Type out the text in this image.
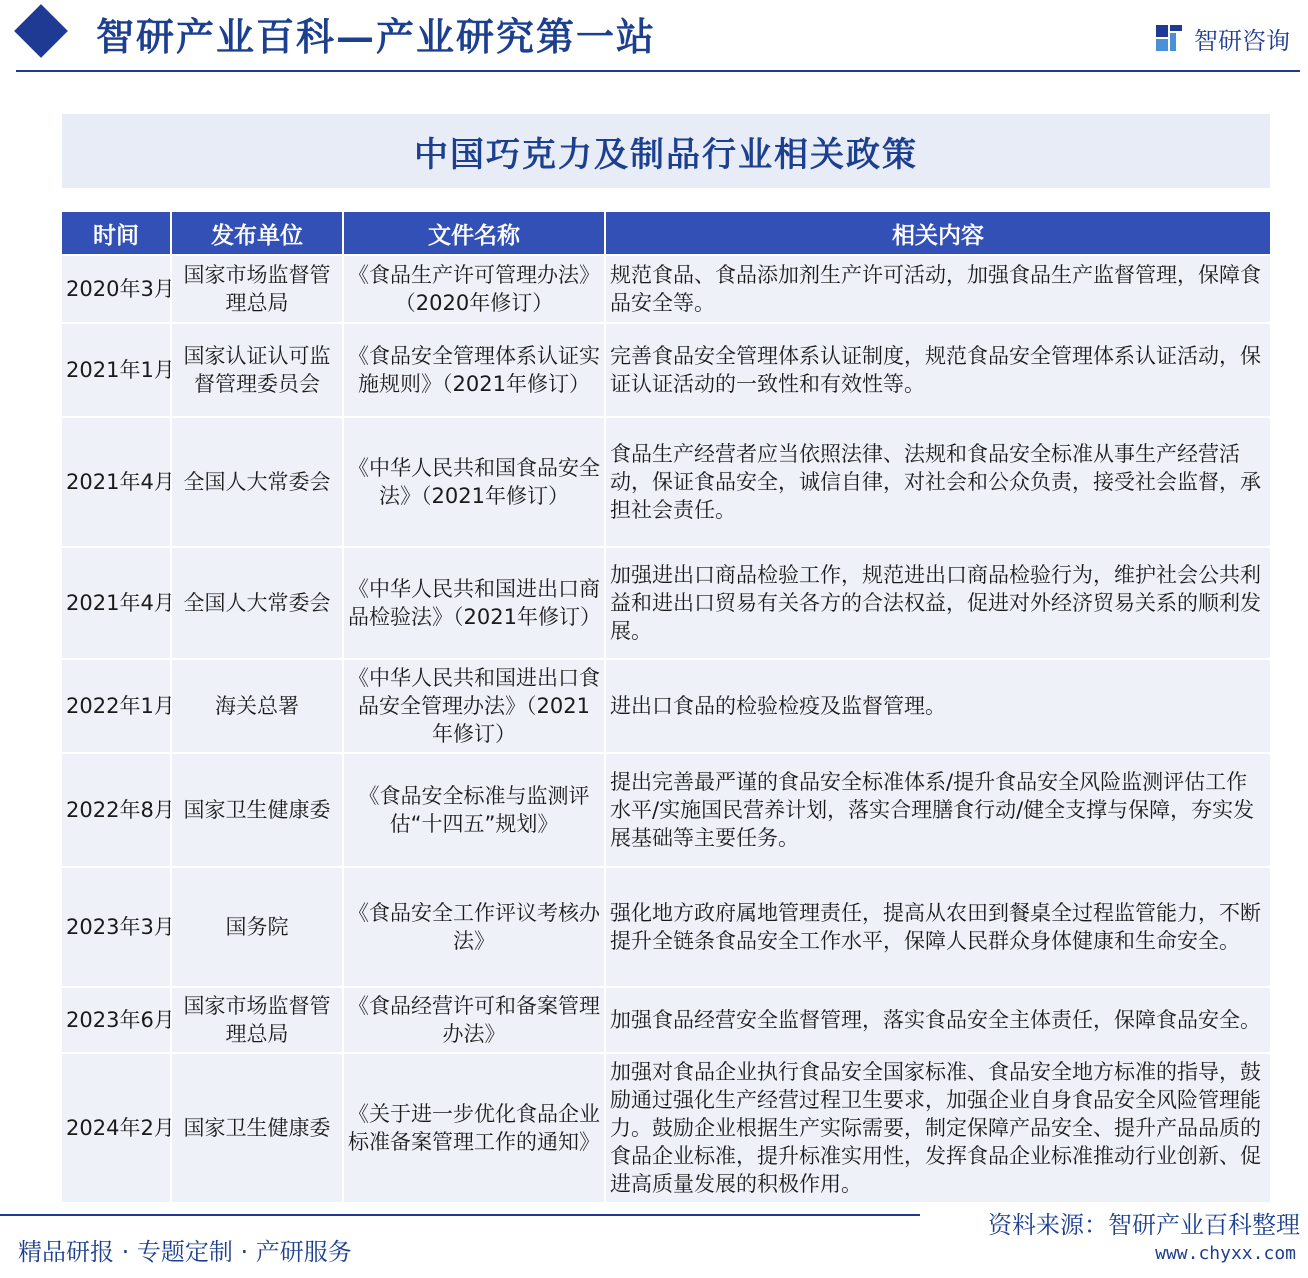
智研产业百科—产业研究第一站	智研咨询
中国巧克力及制品行业相关政策
时间	发布单位	文件名称	相关内容
2020年3月	国家市场监督管理总局	《食品生产许可管理办法》（2020年修订）	规范食品、食品添加剂生产许可活动，加强食品生产监督管理，保障食品安全等。
2021年1月	国家认证认可监督管理委员会	《食品安全管理体系认证实施规则》（2021年修订）	完善食品安全管理体系认证制度，规范食品安全管理体系认证活动，保证认证活动的一致性和有效性等。
2021年4月	全国人大常委会	《中华人民共和国食品安全法》（2021年修订）	食品生产经营者应当依照法律、法规和食品安全标准从事生产经营活动，保证食品安全，诚信自律，对社会和公众负责，接受社会监督，承担社会责任。
2021年4月	全国人大常委会	《中华人民共和国进出口商品检验法》（2021年修订）	加强进出口商品检验工作，规范进出口商品检验行为，维护社会公共利益和进出口贸易有关各方的合法权益，促进对外经济贸易关系的顺利发展。
2022年1月	海关总署	《中华人民共和国进出口食品安全管理办法》（2021年修订）	进出口食品的检验检疫及监督管理。
2022年8月	国家卫生健康委	《食品安全标准与监测评估“十四五”规划》	提出完善最严谨的食品安全标准体系/提升食品安全风险监测评估工作水平/实施国民营养计划，落实合理膳食行动/健全支撑与保障，夯实发展基础等主要任务。
2023年3月	国务院	《食品安全工作评议考核办法》	强化地方政府属地管理责任，提高从农田到餐桌全过程监管能力，不断提升全链条食品安全工作水平，保障人民群众身体健康和生命安全。
2023年6月	国家市场监督管理总局	《食品经营许可和备案管理办法》	加强食品经营安全监督管理，落实食品安全主体责任，保障食品安全。
2024年2月	国家卫生健康委	《关于进一步优化食品企业标准备案管理工作的通知》	加强对食品企业执行食品安全国家标准、食品安全地方标准的指导，鼓励通过强化生产经营过程卫生要求，加强企业自身食品安全风险管理能力。鼓励企业根据生产实际需要，制定保障产品安全、提升产品品质的食品企业标准，提升标准实用性，发挥食品企业标准推动行业创新、促进高质量发展的积极作用。
精品研报 · 专题定制 · 产研服务
资料来源：智研产业百科整理
www.chyxx.com
